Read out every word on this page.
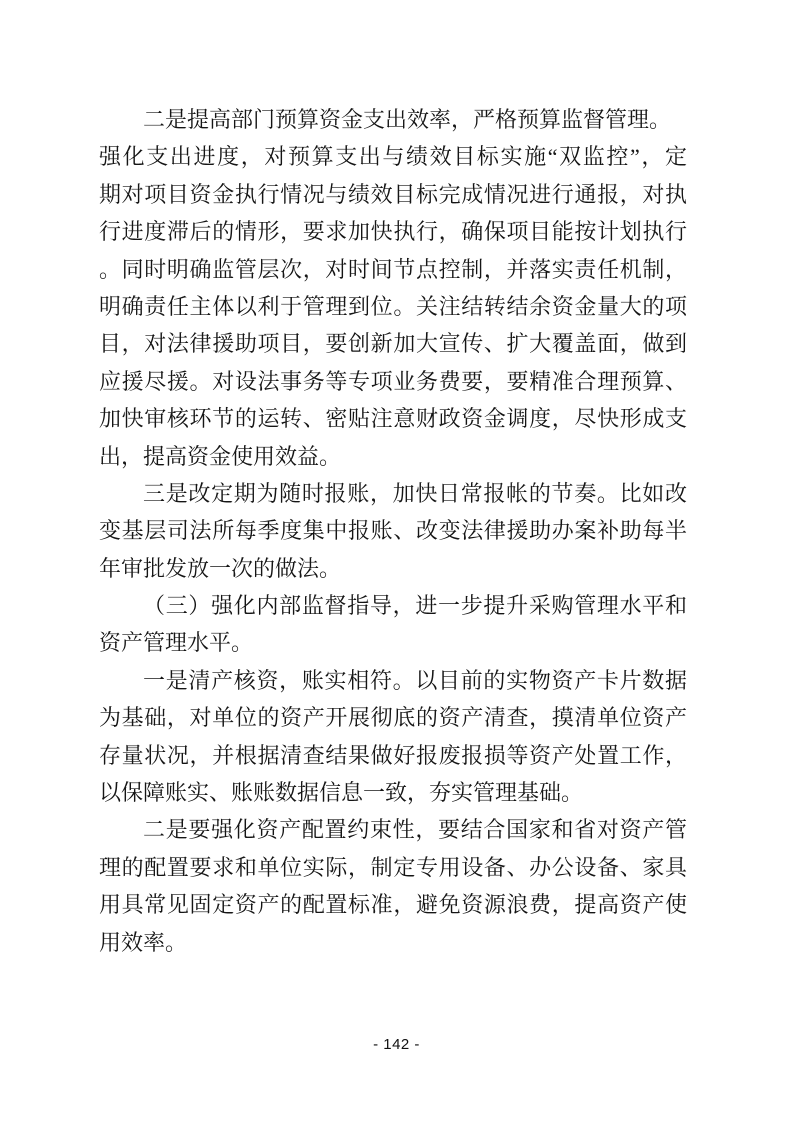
二是提高部门预算资金支出效率，严格预算监督管理。
强化支出进度，对预算支出与绩效目标实施“双监控”，定
期对项目资金执行情况与绩效目标完成情况进行通报，对执
行进度滞后的情形，要求加快执行，确保项目能按计划执行
。同时明确监管层次，对时间节点控制，并落实责任机制，
明确责任主体以利于管理到位。关注结转结余资金量大的项
目，对法律援助项目，要创新加大宣传、扩大覆盖面，做到
应援尽援。对设法事务等专项业务费要，要精准合理预算、
加快审核环节的运转、密贴注意财政资金调度，尽快形成支
出，提高资金使用效益。
三是改定期为随时报账，加快日常报帐的节奏。比如改
变基层司法所每季度集中报账、改变法律援助办案补助每半
年审批发放一次的做法。
（三）强化内部监督指导，进一步提升采购管理水平和
资产管理水平。
一是清产核资，账实相符。以目前的实物资产卡片数据
为基础，对单位的资产开展彻底的资产清查，摸清单位资产
存量状况，并根据清查结果做好报废报损等资产处置工作，
以保障账实、账账数据信息一致，夯实管理基础。
二是要强化资产配置约束性，要结合国家和省对资产管
理的配置要求和单位实际，制定专用设备、办公设备、家具
用具常见固定资产的配置标准，避免资源浪费，提高资产使
用效率。
- 142 -
